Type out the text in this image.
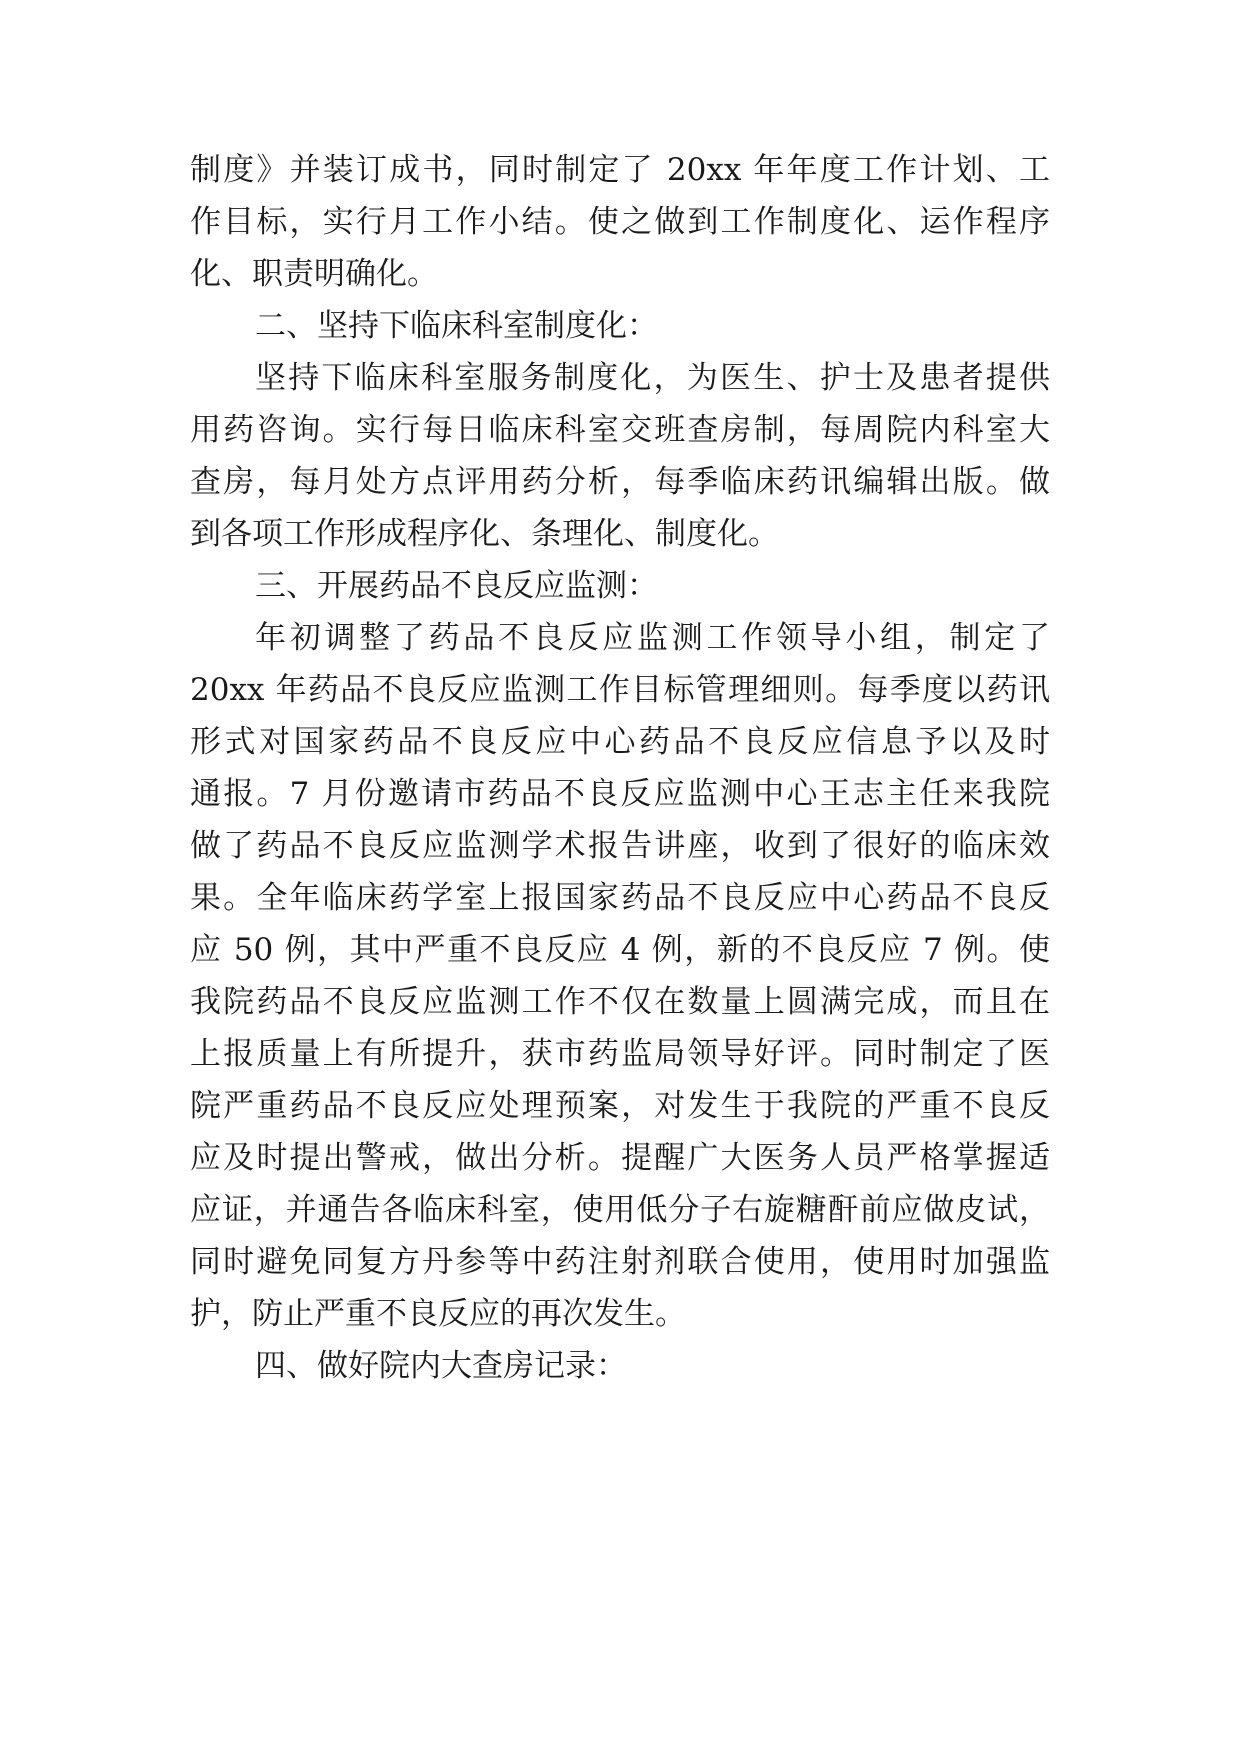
制度》并装订成书，同时制定了 20xx 年年度工作计划、工
作目标，实行月工作小结。使之做到工作制度化、运作程序
化、职责明确化。
二、坚持下临床科室制度化：
坚持下临床科室服务制度化，为医生、护士及患者提供
用药咨询。实行每日临床科室交班查房制，每周院内科室大
查房，每月处方点评用药分析，每季临床药讯编辑出版。做
到各项工作形成程序化、条理化、制度化。
三、开展药品不良反应监测：
年初调整了药品不良反应监测工作领导小组，制定了
20xx 年药品不良反应监测工作目标管理细则。每季度以药讯
形式对国家药品不良反应中心药品不良反应信息予以及时
通报。7 月份邀请市药品不良反应监测中心王志主任来我院
做了药品不良反应监测学术报告讲座，收到了很好的临床效
果。全年临床药学室上报国家药品不良反应中心药品不良反
应 50 例，其中严重不良反应 4 例，新的不良反应 7 例。使
我院药品不良反应监测工作不仅在数量上圆满完成，而且在
上报质量上有所提升，获市药监局领导好评。同时制定了医
院严重药品不良反应处理预案，对发生于我院的严重不良反
应及时提出警戒，做出分析。提醒广大医务人员严格掌握适
应证，并通告各临床科室，使用低分子右旋糖酐前应做皮试，
同时避免同复方丹参等中药注射剂联合使用，使用时加强监
护，防止严重不良反应的再次发生。
四、做好院内大查房记录：
